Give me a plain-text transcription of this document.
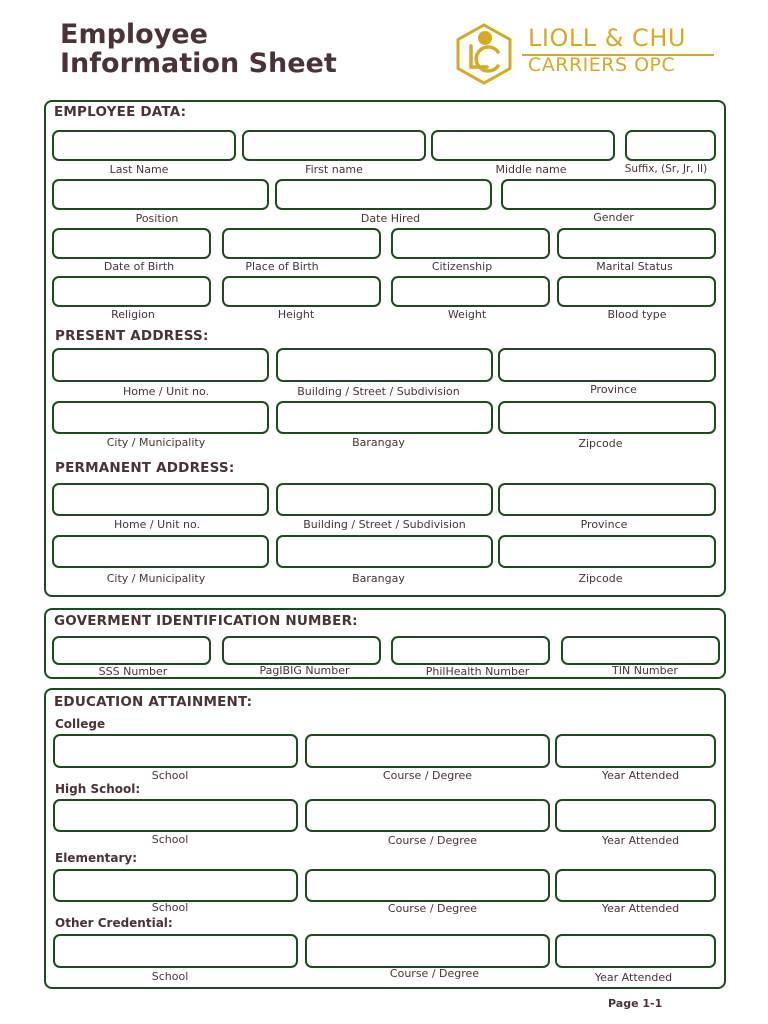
Employee
Information Sheet
LIOLL & CHU
CARRIERS OPC
EMPLOYEE DATA:
Last Name	First name	Middle name	Suffix, (Sr, Jr, II)
Position	Date Hired	Gender
Date of Birth	Place of Birth	Citizenship	Marital Status
Religion	Height	Weight	Blood type
PRESENT ADDRESS:
Home / Unit no.	Building / Street / Subdivision	Province
City / Municipality	Barangay	Zipcode
PERMANENT ADDRESS:
Home / Unit no.	Building / Street / Subdivision	Province
City / Municipality	Barangay	Zipcode
GOVERMENT IDENTIFICATION NUMBER:
SSS Number	PagIBIG Number	PhilHealth Number	TIN Number
EDUCATION ATTAINMENT:
College
School	Course / Degree	Year Attended
High School:
School	Course / Degree	Year Attended
Elementary:
School	Course / Degree	Year Attended
Other Credential:
School	Course / Degree	Year Attended
Page 1-1
